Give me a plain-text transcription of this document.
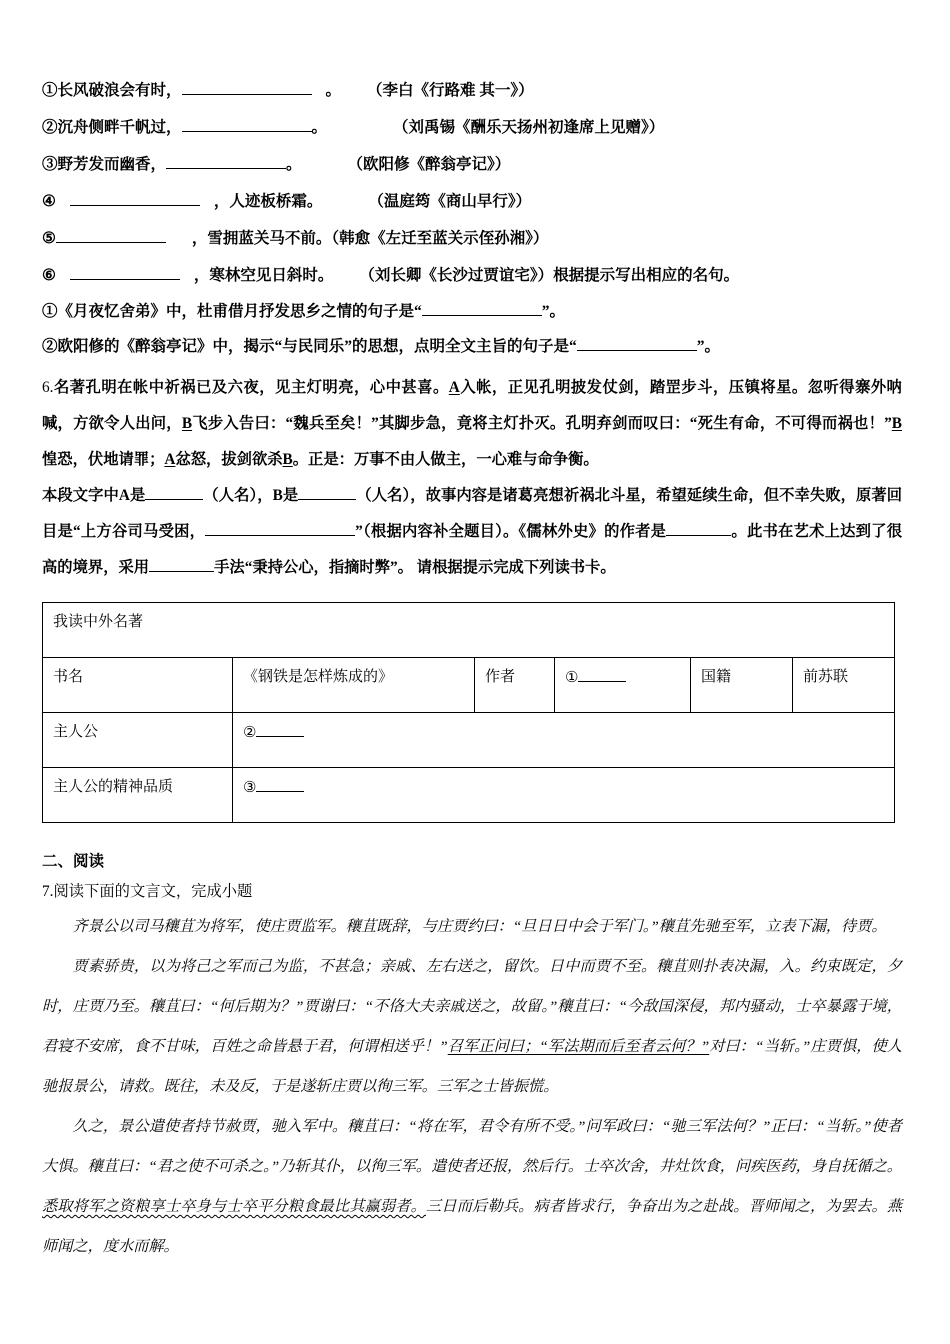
①长风破浪会有时，	。 （李白《行路难 其一》）
②沉舟侧畔千帆过，	。	（刘禹锡《酬乐天扬州初逢席上见赠》）
③野芳发而幽香，	。	（欧阳修《醉翁亭记》）
④	，人迹板桥霜。	（温庭筠《商山早行》）
⑤	，雪拥蓝关马不前。（韩愈《左迁至蓝关示侄孙湘》）
⑥	，寒林空见日斜时。 （刘长卿《长沙过贾谊宅》）根据提示写出相应的名句。
①《月夜忆舍弟》中，杜甫借月抒发思乡之情的句子是“	”。
②欧阳修的《醉翁亭记》中，揭示“与民同乐”的思想，点明全文主旨的句子是“	”。

6.名著孔明在帐中祈祸已及六夜，见主灯明亮，心中甚喜。A入帐，正见孔明披发仗剑，踏罡步斗，压镇将星。忽听得寨外呐喊，方欲令人出问，B飞步入告曰：“魏兵至矣！”其脚步急，竟将主灯扑灭。孔明弃剑而叹曰：“死生有命，不可得而祸也！”B惶恐，伏地请罪；A忿怒，拔剑欲杀B。正是：万事不由人做主，一心难与命争衡。

本段文字中A是	（人名），B是	（人名），故事内容是诸葛亮想祈祸北斗星，希望延续生命，但不幸失败，原著回目是“上方谷司马受困，	”（根据内容补全题目）。《儒林外史》的作者是	。此书在艺术上达到了很高的境界，采用	手法“秉持公心，指摘时弊”。 请根据提示完成下列读书卡。

我读中外名著					
书名	《钢铁是怎样炼成的》	作者	①	国籍	前苏联
主人公	②				
主人公的精神品质	③				
二、阅读
7.阅读下面的文言文，完成小题

齐景公以司马穰苴为将军，使庄贾监军。穰苴既辞，与庄贾约曰：“旦日日中会于军门。”穰苴先驰至军，立表下漏，待贾。

贾素骄贵，以为将己之军而己为监，不甚急；亲戚、左右送之，留饮。日中而贾不至。穰苴则扑表决漏，入。约束既定，夕时，庄贾乃至。穰苴曰：“何后期为？”贾谢曰：“不佫大夫亲戚送之，故留。”穰苴曰：“今敌国深侵，邦内骚动，士卒暴露于境，君寝不安席，食不甘味，百姓之命皆悬于君，何谓相送乎！”召军正问曰；“军法期而后至者云何？”对曰：“当斩。”庄贾惧，使人驰报景公，请救。既往，未及反，于是遂斩庄贾以徇三军。三军之士皆振慌。

久之，景公遣使者持节赦贾，驰入军中。穰苴曰：“将在军，君令有所不受。”问军政曰：“驰三军法何？”正曰：“当斩。”使者大惧。穰苴曰：“君之使不可杀之。”乃斩其仆，以徇三军。遣使者还报，然后行。士卒次舍，井灶饮食，问疾医药，身自抚循之。悉取将军之资粮享士卒身与士卒平分粮食最比其赢弱者。三日而后勒兵。病者皆求行，争奋出为之赴战。晋师闻之，为罢去。燕师闻之，度水而解。
